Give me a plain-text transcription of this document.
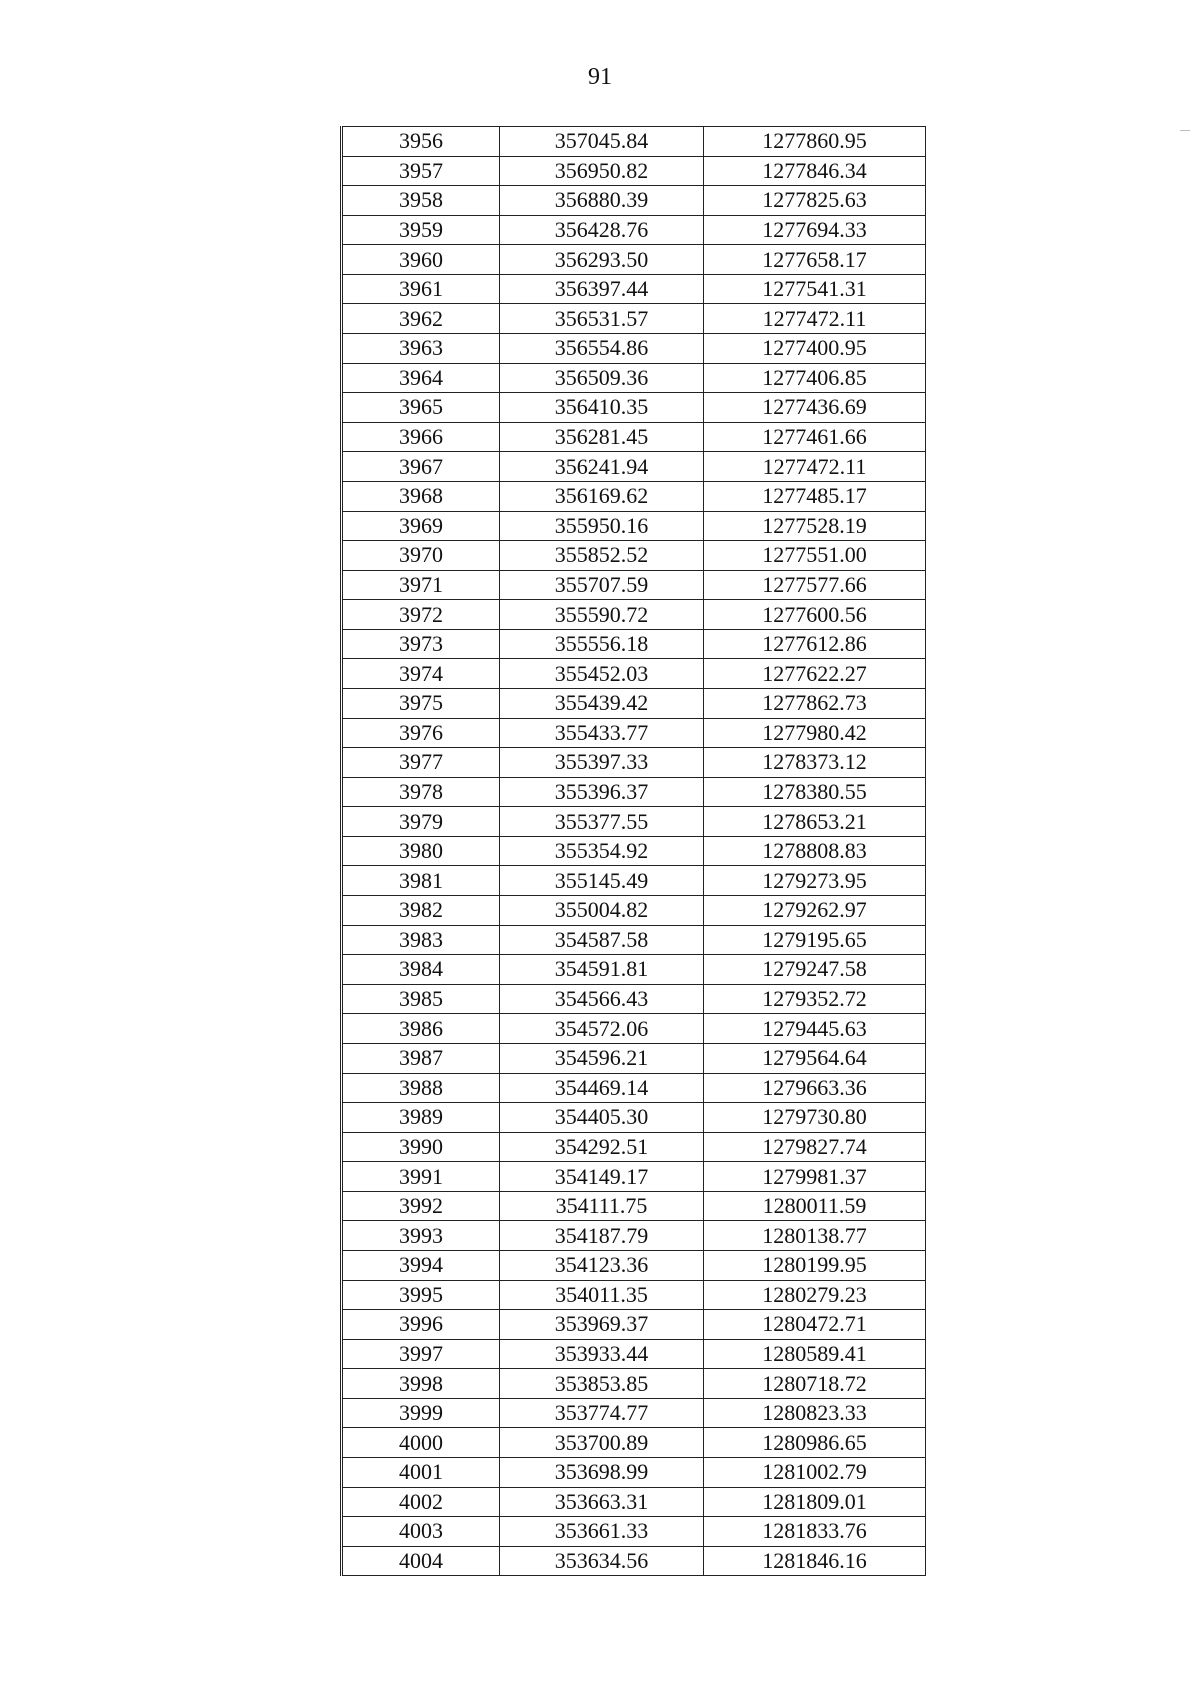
91
3956	357045.84	1277860.95
3957	356950.82	1277846.34
3958	356880.39	1277825.63
3959	356428.76	1277694.33
3960	356293.50	1277658.17
3961	356397.44	1277541.31
3962	356531.57	1277472.11
3963	356554.86	1277400.95
3964	356509.36	1277406.85
3965	356410.35	1277436.69
3966	356281.45	1277461.66
3967	356241.94	1277472.11
3968	356169.62	1277485.17
3969	355950.16	1277528.19
3970	355852.52	1277551.00
3971	355707.59	1277577.66
3972	355590.72	1277600.56
3973	355556.18	1277612.86
3974	355452.03	1277622.27
3975	355439.42	1277862.73
3976	355433.77	1277980.42
3977	355397.33	1278373.12
3978	355396.37	1278380.55
3979	355377.55	1278653.21
3980	355354.92	1278808.83
3981	355145.49	1279273.95
3982	355004.82	1279262.97
3983	354587.58	1279195.65
3984	354591.81	1279247.58
3985	354566.43	1279352.72
3986	354572.06	1279445.63
3987	354596.21	1279564.64
3988	354469.14	1279663.36
3989	354405.30	1279730.80
3990	354292.51	1279827.74
3991	354149.17	1279981.37
3992	354111.75	1280011.59
3993	354187.79	1280138.77
3994	354123.36	1280199.95
3995	354011.35	1280279.23
3996	353969.37	1280472.71
3997	353933.44	1280589.41
3998	353853.85	1280718.72
3999	353774.77	1280823.33
4000	353700.89	1280986.65
4001	353698.99	1281002.79
4002	353663.31	1281809.01
4003	353661.33	1281833.76
4004	353634.56	1281846.16
